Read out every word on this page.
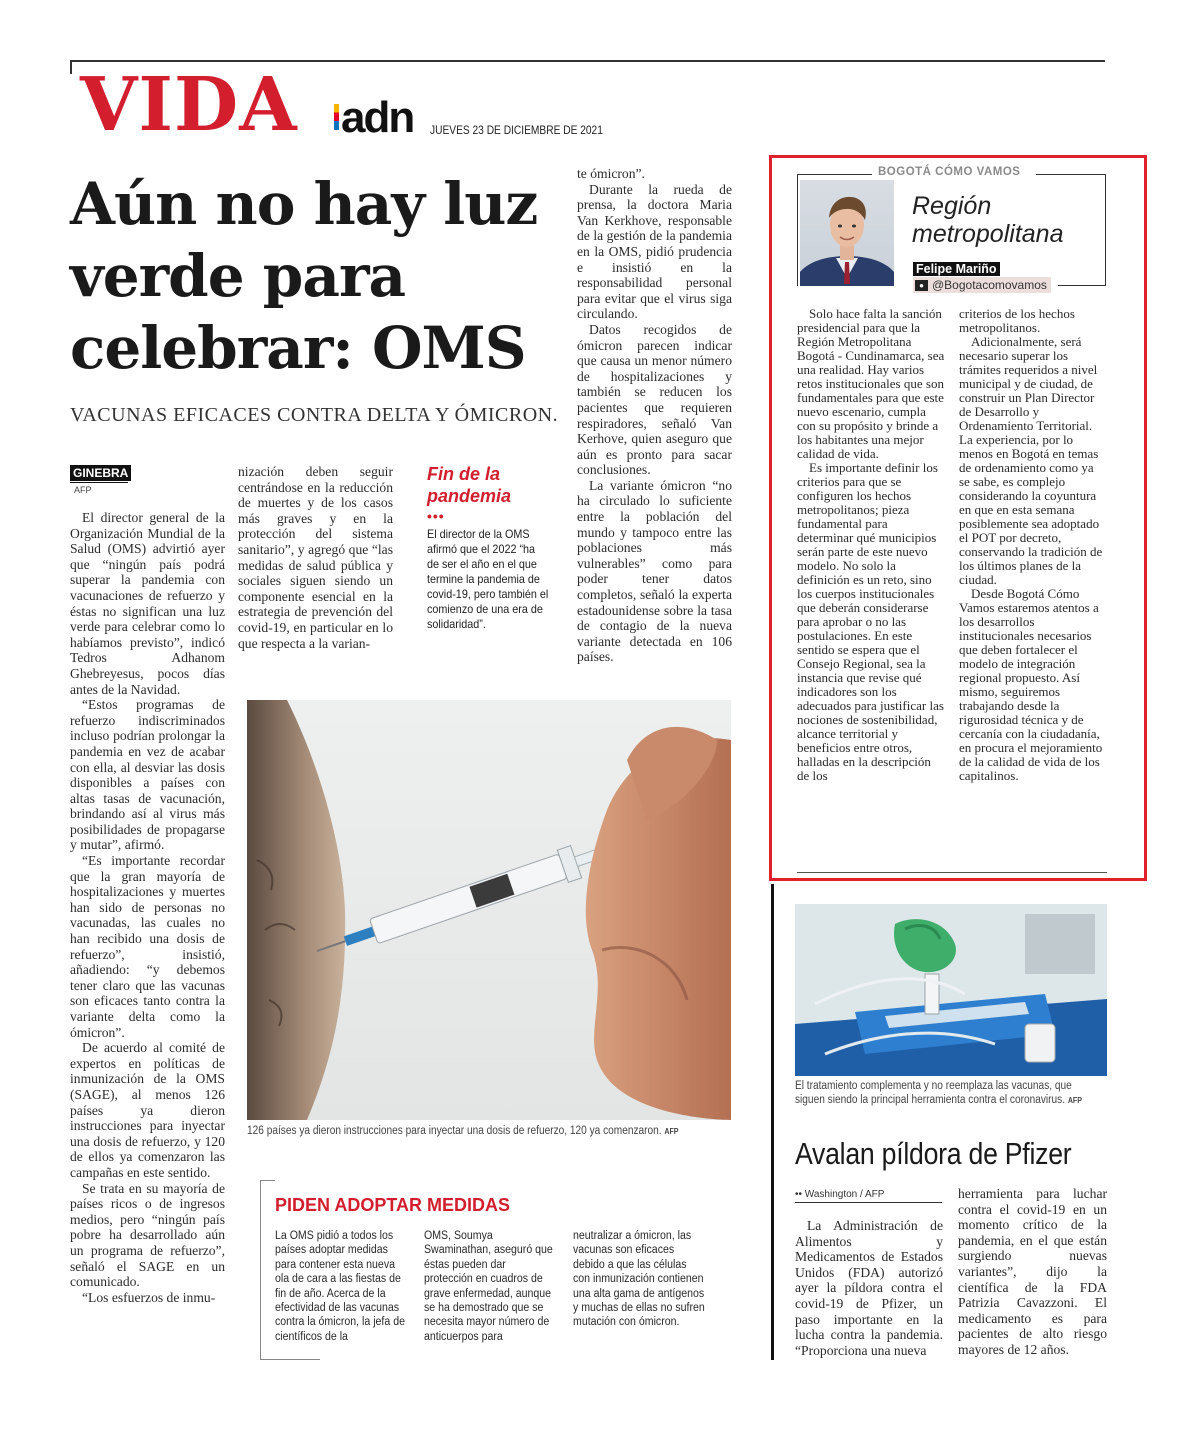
VIDA adn JUEVES 23 DE DICIEMBRE DE 2021
Aún no hay luz verde para celebrar: OMS
VACUNAS EFICACES CONTRA DELTA Y ÓMICRON.
GINEBRA
AFP

El director general de la Organización Mundial de la Salud (OMS) advirtió ayer que “ningún país podrá superar la pandemia con vacunaciones de refuerzo y éstas no significan una luz verde para celebrar como lo habíamos previsto”, indicó Tedros Adhanom Ghebreyesus, pocos días antes de la Navidad.

“Estos programas de refuerzo indiscriminados incluso podrían prolongar la pandemia en vez de acabar con ella, al desviar las dosis disponibles a países con altas tasas de vacunación, brindando así al virus más posibilidades de propagarse y mutar”, afirmó.

“Es importante recordar que la gran mayoría de hospitalizaciones y muertes han sido de personas no vacunadas, las cuales no han recibido una dosis de refuerzo”, insistió, añadiendo: “y debemos tener claro que las vacunas son eficaces tanto contra la variante delta como la ómicron”.

De acuerdo al comité de expertos en políticas de inmunización de la OMS (SAGE), al menos 126 países ya dieron instrucciones para inyectar una dosis de refuerzo, y 120 de ellos ya comenzaron las campañas en este sentido.

Se trata en su mayoría de países ricos o de ingresos medios, pero “ningún país pobre ha desarrollado aún un programa de refuerzo”, señaló el SAGE en un comunicado.

“Los esfuerzos de inmu-

nización deben seguir centrándose en la reducción de muertes y de los casos más graves y en la protección del sistema sanitario”, y agregó que “las medidas de salud pública y sociales siguen siendo un componente esencial en la estrategia de prevención del covid-19, en particular en lo que respecta a la varian-

Fin de la pandemia
•••
El director de la OMS afirmó que el 2022 “ha de ser el año en el que termine la pandemia de covid-19, pero también el comienzo de una era de solidaridad”.

te ómicron”.

Durante la rueda de prensa, la doctora Maria Van Kerkhove, responsable de la gestión de la pandemia en la OMS, pidió prudencia e insistió en la responsabilidad personal para evitar que el virus siga circulando.

Datos recogidos de ómicron parecen indicar que causa un menor número de hospitalizaciones y también se reducen los pacientes que requieren respiradores, señaló Van Kerhove, quien aseguro que aún es pronto para sacar conclusiones.

La variante ómicron “no ha circulado lo suficiente entre la población del mundo y tampoco entre las poblaciones más vulnerables” como para poder tener datos completos, señaló la experta estadounidense sobre la tasa de contagio de la nueva variante detectada en 106 países.

126 países ya dieron instrucciones para inyectar una dosis de refuerzo, 120 ya comenzaron. AFP
PIDEN ADOPTAR MEDIDAS
La OMS pidió a todos los países adoptar medidas para contener esta nueva ola de cara a las fiestas de fin de año. Acerca de la efectividad de las vacunas contra la ómicron, la jefa de científicos de la
OMS, Soumya Swaminathan, aseguró que éstas pueden dar protección en cuadros de grave enfermedad, aunque se ha demostrado que se necesita mayor número de anticuerpos para
neutralizar a ómicron, las vacunas son eficaces debido a que las células con inmunización contienen una alta gama de antígenos y muchas de ellas no sufren mutación con ómicron.
BOGOTÁ CÓMO VAMOS
Región
metropolitana
Felipe Mariño
● @Bogotacomovamos

Solo hace falta la sanción presidencial para que la Región Metropolitana Bogotá - Cundinamarca, sea una realidad. Hay varios retos institucionales que son fundamentales para que este nuevo escenario, cumpla con su propósito y brinde a los habitantes una mejor calidad de vida.

Es importante definir los criterios para que se configuren los hechos metropolitanos; pieza fundamental para determinar qué municipios serán parte de este nuevo modelo. No solo la definición es un reto, sino los cuerpos institucionales que deberán considerarse para aprobar o no las postulaciones. En este sentido se espera que el Consejo Regional, sea la instancia que revise qué indicadores son los adecuados para justificar las nociones de sostenibilidad, alcance territorial y beneficios entre otros, halladas en la descripción de los

criterios de los hechos metropolitanos.

Adicionalmente, será necesario superar los trámites requeridos a nivel municipal y de ciudad, de construir un Plan Director de Desarrollo y Ordenamiento Territorial. La experiencia, por lo menos en Bogotá en temas de ordenamiento como ya se sabe, es complejo considerando la coyuntura en que en esta semana posiblemente sea adoptado el POT por decreto, conservando la tradición de los últimos planes de la ciudad.

Desde Bogotá Cómo Vamos estaremos atentos a los desarrollos institucionales necesarios que deben fortalecer el modelo de integración regional propuesto. Así mismo, seguiremos trabajando desde la rigurosidad técnica y de cercanía con la ciudadanía, en procura el mejoramiento de la calidad de vida de los capitalinos.

El tratamiento complementa y no reemplaza las vacunas, que siguen siendo la principal herramienta contra el coronavirus. AFP
Avalan píldora de Pfizer
•• Washington / AFP

La Administración de Alimentos y Medicamentos de Estados Unidos (FDA) autorizó ayer la píldora contra el covid-19 de Pfizer, un paso importante en la lucha contra la pandemia. “Proporciona una nueva

herramienta para luchar contra el covid-19 en un momento crítico de la pandemia, en el que están surgiendo nuevas variantes”, dijo la científica de la FDA Patrizia Cavazzoni. El medicamento es para pacientes de alto riesgo mayores de 12 años.
